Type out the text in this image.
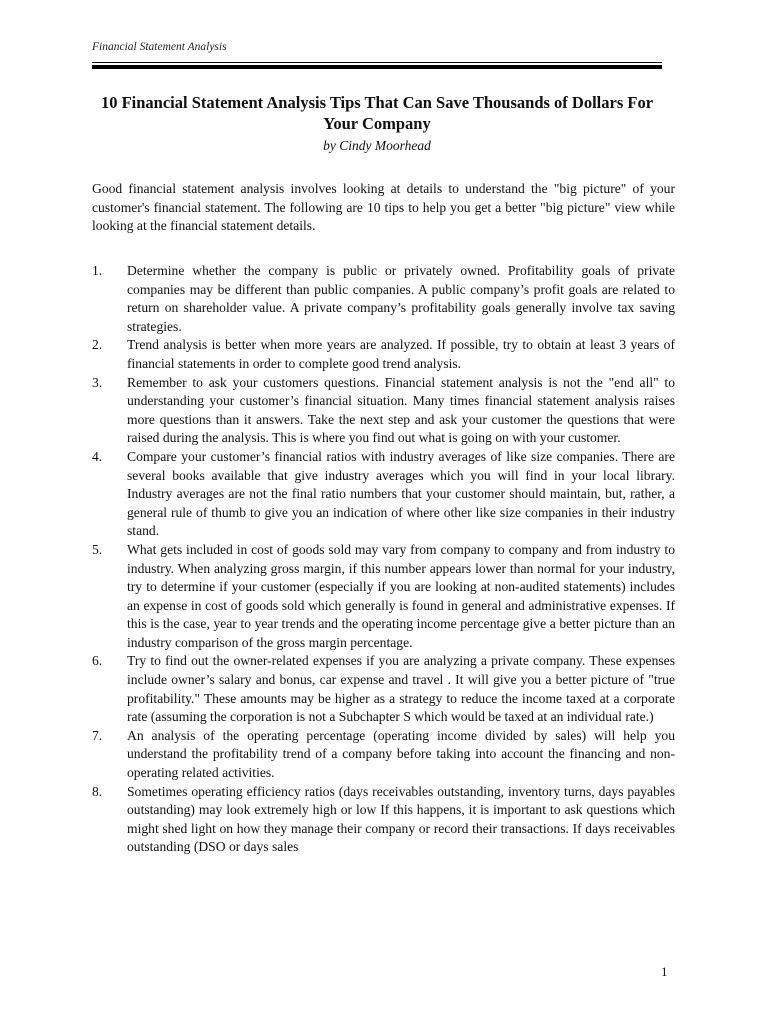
Financial Statement Analysis
10 Financial Statement Analysis Tips That Can Save Thousands of Dollars For Your Company
by Cindy Moorhead

Good financial statement analysis involves looking at details to understand the "big picture" of your customer's financial statement. The following are 10 tips to help you get a better "big picture" view while looking at the financial statement details.

1.	Determine whether the company is public or privately owned. Profitability goals of private companies may be different than public companies. A public company’s profit goals are related to return on shareholder value. A private company’s profitability goals generally involve tax saving strategies.
2.	Trend analysis is better when more years are analyzed. If possible, try to obtain at least 3 years of financial statements in order to complete good trend analysis.
3.	Remember to ask your customers questions. Financial statement analysis is not the "end all" to understanding your customer’s financial situation. Many times financial statement analysis raises more questions than it answers. Take the next step and ask your customer the questions that were raised during the analysis. This is where you find out what is going on with your customer.
4.	Compare your customer’s financial ratios with industry averages of like size companies. There are several books available that give industry averages which you will find in your local library. Industry averages are not the final ratio numbers that your customer should maintain, but, rather, a general rule of thumb to give you an indication of where other like size companies in their industry stand.
5.	What gets included in cost of goods sold may vary from company to company and from industry to industry. When analyzing gross margin, if this number appears lower than normal for your industry, try to determine if your customer (especially if you are looking at non-audited statements) includes an expense in cost of goods sold which generally is found in general and administrative expenses. If this is the case, year to year trends and the operating income percentage give a better picture than an industry comparison of the gross margin percentage.
6.	Try to find out the owner-related expenses if you are analyzing a private company. These expenses include owner’s salary and bonus, car expense and travel . It will give you a better picture of "true profitability." These amounts may be higher as a strategy to reduce the income taxed at a corporate rate (assuming the corporation is not a Subchapter S which would be taxed at an individual rate.)
7.	An analysis of the operating percentage (operating income divided by sales) will help you understand the profitability trend of a company before taking into account the financing and non-operating related activities.
8.	Sometimes operating efficiency ratios (days receivables outstanding, inventory turns, days payables outstanding) may look extremely high or low If this happens, it is important to ask questions which might shed light on how they manage their company or record their transactions. If days receivables outstanding (DSO or days sales
1
